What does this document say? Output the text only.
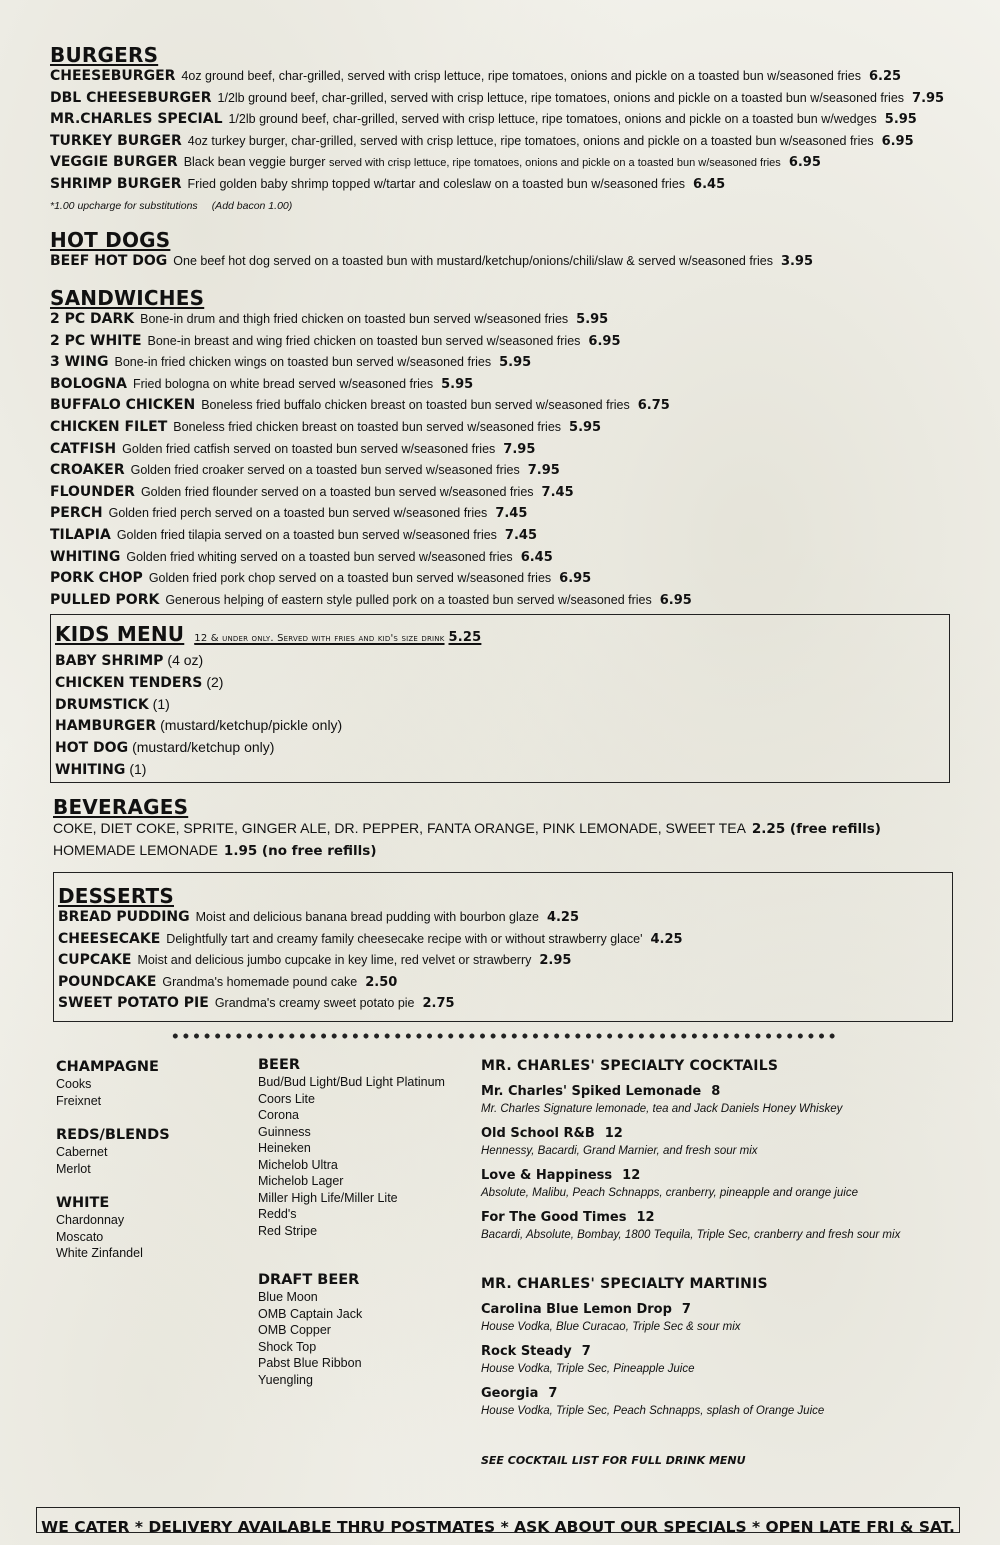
BURGERS
CHEESEBURGER 4oz ground beef, char-grilled, served with crisp lettuce, ripe tomatoes, onions and pickle on a toasted bun w/seasoned fries 6.25
DBL CHEESEBURGER 1/2lb ground beef, char-grilled, served with crisp lettuce, ripe tomatoes, onions and pickle on a toasted bun w/seasoned fries 7.95
MR.CHARLES SPECIAL 1/2lb ground beef, char-grilled, served with crisp lettuce, ripe tomatoes, onions and pickle on a toasted bun w/wedges 5.95
TURKEY BURGER 4oz turkey burger, char-grilled, served with crisp lettuce, ripe tomatoes, onions and pickle on a toasted bun w/seasoned fries 6.95
VEGGIE BURGER Black bean veggie burger served with crisp lettuce, ripe tomatoes, onions and pickle on a toasted bun w/seasoned fries 6.95
SHRIMP BURGER Fried golden baby shrimp topped w/tartar and coleslaw on a toasted bun w/seasoned fries 6.45
*1.00 upcharge for substitutions (Add bacon 1.00)
HOT DOGS
BEEF HOT DOG One beef hot dog served on a toasted bun with mustard/ketchup/onions/chili/slaw & served w/seasoned fries 3.95
SANDWICHES
2 PC DARK Bone-in drum and thigh fried chicken on toasted bun served w/seasoned fries 5.95
2 PC WHITE Bone-in breast and wing fried chicken on toasted bun served w/seasoned fries 6.95
3 WING Bone-in fried chicken wings on toasted bun served w/seasoned fries 5.95
BOLOGNA Fried bologna on white bread served w/seasoned fries 5.95
BUFFALO CHICKEN Boneless fried buffalo chicken breast on toasted bun served w/seasoned fries 6.75
CHICKEN FILET Boneless fried chicken breast on toasted bun served w/seasoned fries 5.95
CATFISH Golden fried catfish served on toasted bun served w/seasoned fries 7.95
CROAKER Golden fried croaker served on a toasted bun served w/seasoned fries 7.95
FLOUNDER Golden fried flounder served on a toasted bun served w/seasoned fries 7.45
PERCH Golden fried perch served on a toasted bun served w/seasoned fries 7.45
TILAPIA Golden fried tilapia served on a toasted bun served w/seasoned fries 7.45
WHITING Golden fried whiting served on a toasted bun served w/seasoned fries 6.45
PORK CHOP Golden fried pork chop served on a toasted bun served w/seasoned fries 6.95
PULLED PORK Generous helping of eastern style pulled pork on a toasted bun served w/seasoned fries 6.95
KIDS MENU 12 & under only. Served with fries and kid's size drink 5.25
BABY SHRIMP (4 oz)
CHICKEN TENDERS (2)
DRUMSTICK (1)
HAMBURGER (mustard/ketchup/pickle only)
HOT DOG (mustard/ketchup only)
WHITING (1)
BEVERAGES
COKE, DIET COKE, SPRITE, GINGER ALE, DR. PEPPER, FANTA ORANGE, PINK LEMONADE, SWEET TEA 2.25 (free refills)
HOMEMADE LEMONADE 1.95 (no free refills)
DESSERTS
BREAD PUDDING Moist and delicious banana bread pudding with bourbon glaze 4.25
CHEESECAKE Delightfully tart and creamy family cheesecake recipe with or without strawberry glace' 4.25
CUPCAKE Moist and delicious jumbo cupcake in key lime, red velvet or strawberry 2.95
POUNDCAKE Grandma's homemade pound cake 2.50
SWEET POTATO PIE Grandma's creamy sweet potato pie 2.75
CHAMPAGNE
Cooks
Freixnet
REDS/BLENDS
Cabernet
Merlot
WHITE
Chardonnay
Moscato
White Zinfandel
BEER
Bud/Bud Light/Bud Light Platinum
Coors Lite
Corona
Guinness
Heineken
Michelob Ultra
Michelob Lager
Miller High Life/Miller Lite
Redd's
Red Stripe
DRAFT BEER
Blue Moon
OMB Captain Jack
OMB Copper
Shock Top
Pabst Blue Ribbon
Yuengling
MR. CHARLES' SPECIALTY COCKTAILS
Mr. Charles' Spiked Lemonade 8
Mr. Charles Signature lemonade, tea and Jack Daniels Honey Whiskey
Old School R&B 12
Hennessy, Bacardi, Grand Marnier, and fresh sour mix
Love & Happiness 12
Absolute, Malibu, Peach Schnapps, cranberry, pineapple and orange juice
For The Good Times 12
Bacardi, Absolute, Bombay, 1800 Tequila, Triple Sec, cranberry and fresh sour mix
MR. CHARLES' SPECIALTY MARTINIS
Carolina Blue Lemon Drop 7
House Vodka, Blue Curacao, Triple Sec & sour mix
Rock Steady 7
House Vodka, Triple Sec, Pineapple Juice
Georgia 7
House Vodka, Triple Sec, Peach Schnapps, splash of Orange Juice
SEE COCKTAIL LIST FOR FULL DRINK MENU
WE CATER * DELIVERY AVAILABLE THRU POSTMATES * ASK ABOUT OUR SPECIALS * OPEN LATE FRI & SAT.
